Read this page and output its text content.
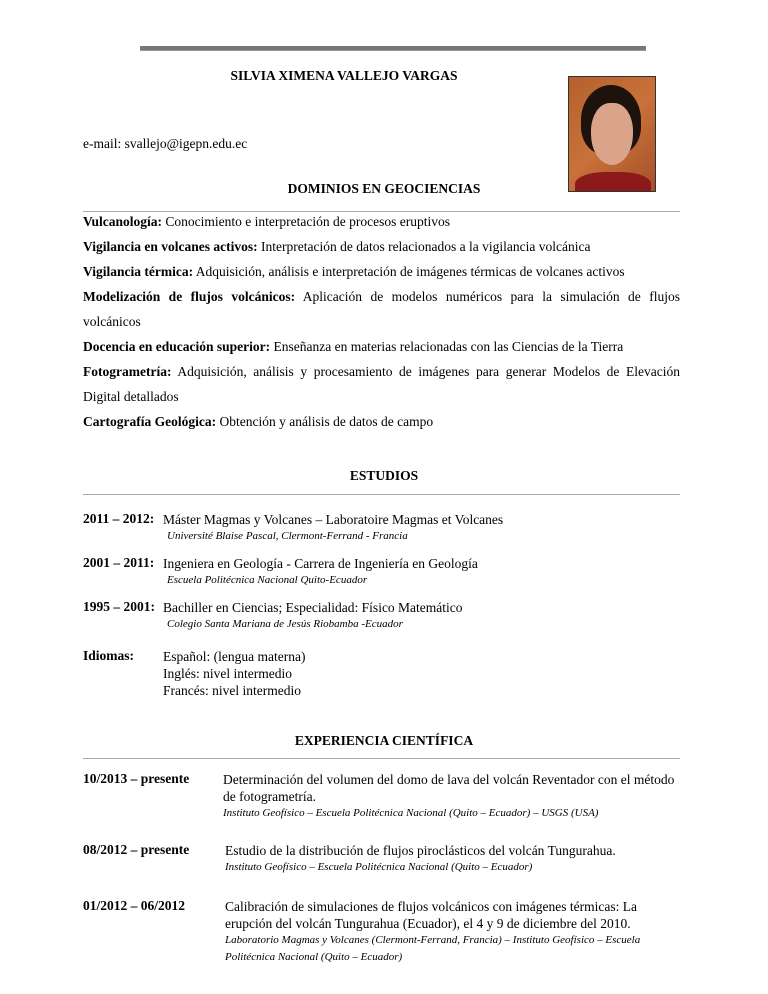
SILVIA XIMENA VALLEJO VARGAS
e-mail: svallejo@igepn.edu.ec
DOMINIOS EN GEOCIENCIAS

Vulcanología: Conocimiento e interpretación de procesos eruptivos

Vigilancia en volcanes activos: Interpretación de datos relacionados a la vigilancia volcánica

Vigilancia térmica: Adquisición, análisis e interpretación de imágenes térmicas de volcanes activos

Modelización de flujos volcánicos: Aplicación de modelos numéricos para la simulación de flujos volcánicos

Docencia en educación superior: Enseñanza en materias relacionadas con las Ciencias de la Tierra

Fotogrametría: Adquisición, análisis y procesamiento de imágenes para generar Modelos de Elevación Digital detallados

Cartografía Geológica: Obtención y análisis de datos de campo

ESTUDIOS
2011 – 2012: Máster Magmas y Volcanes – Laboratoire Magmas et Volcanes
Université Blaise Pascal, Clermont-Ferrand - Francia
2001 – 2011: Ingeniera en Geología - Carrera de Ingeniería en Geología
Escuela Politécnica Nacional Quito-Ecuador
1995 – 2001: Bachiller en Ciencias; Especialidad: Físico Matemático
Colegio Santa Mariana de Jesús Riobamba -Ecuador
Idiomas: Español: (lengua materna)
Inglés: nivel intermedio
Francés: nivel intermedio
EXPERIENCIA CIENTÍFICA
10/2013 – presente	Determinación del volumen del domo de lava del volcán Reventador con el método de fotogrametría.
Instituto Geofísico – Escuela Politécnica Nacional (Quito – Ecuador) – USGS (USA)
08/2012 – presente	Estudio de la distribución de flujos piroclásticos del volcán Tungurahua.
Instituto Geofísico – Escuela Politécnica Nacional (Quito – Ecuador)
01/2012 – 06/2012	Calibración de simulaciones de flujos volcánicos con imágenes térmicas: La erupción del volcán Tungurahua (Ecuador), el 4 y 9 de diciembre del 2010.
Laboratorio Magmas y Volcanes (Clermont-Ferrand, Francia) – Instituto Geofísico – Escuela Politécnica Nacional (Quito – Ecuador)
